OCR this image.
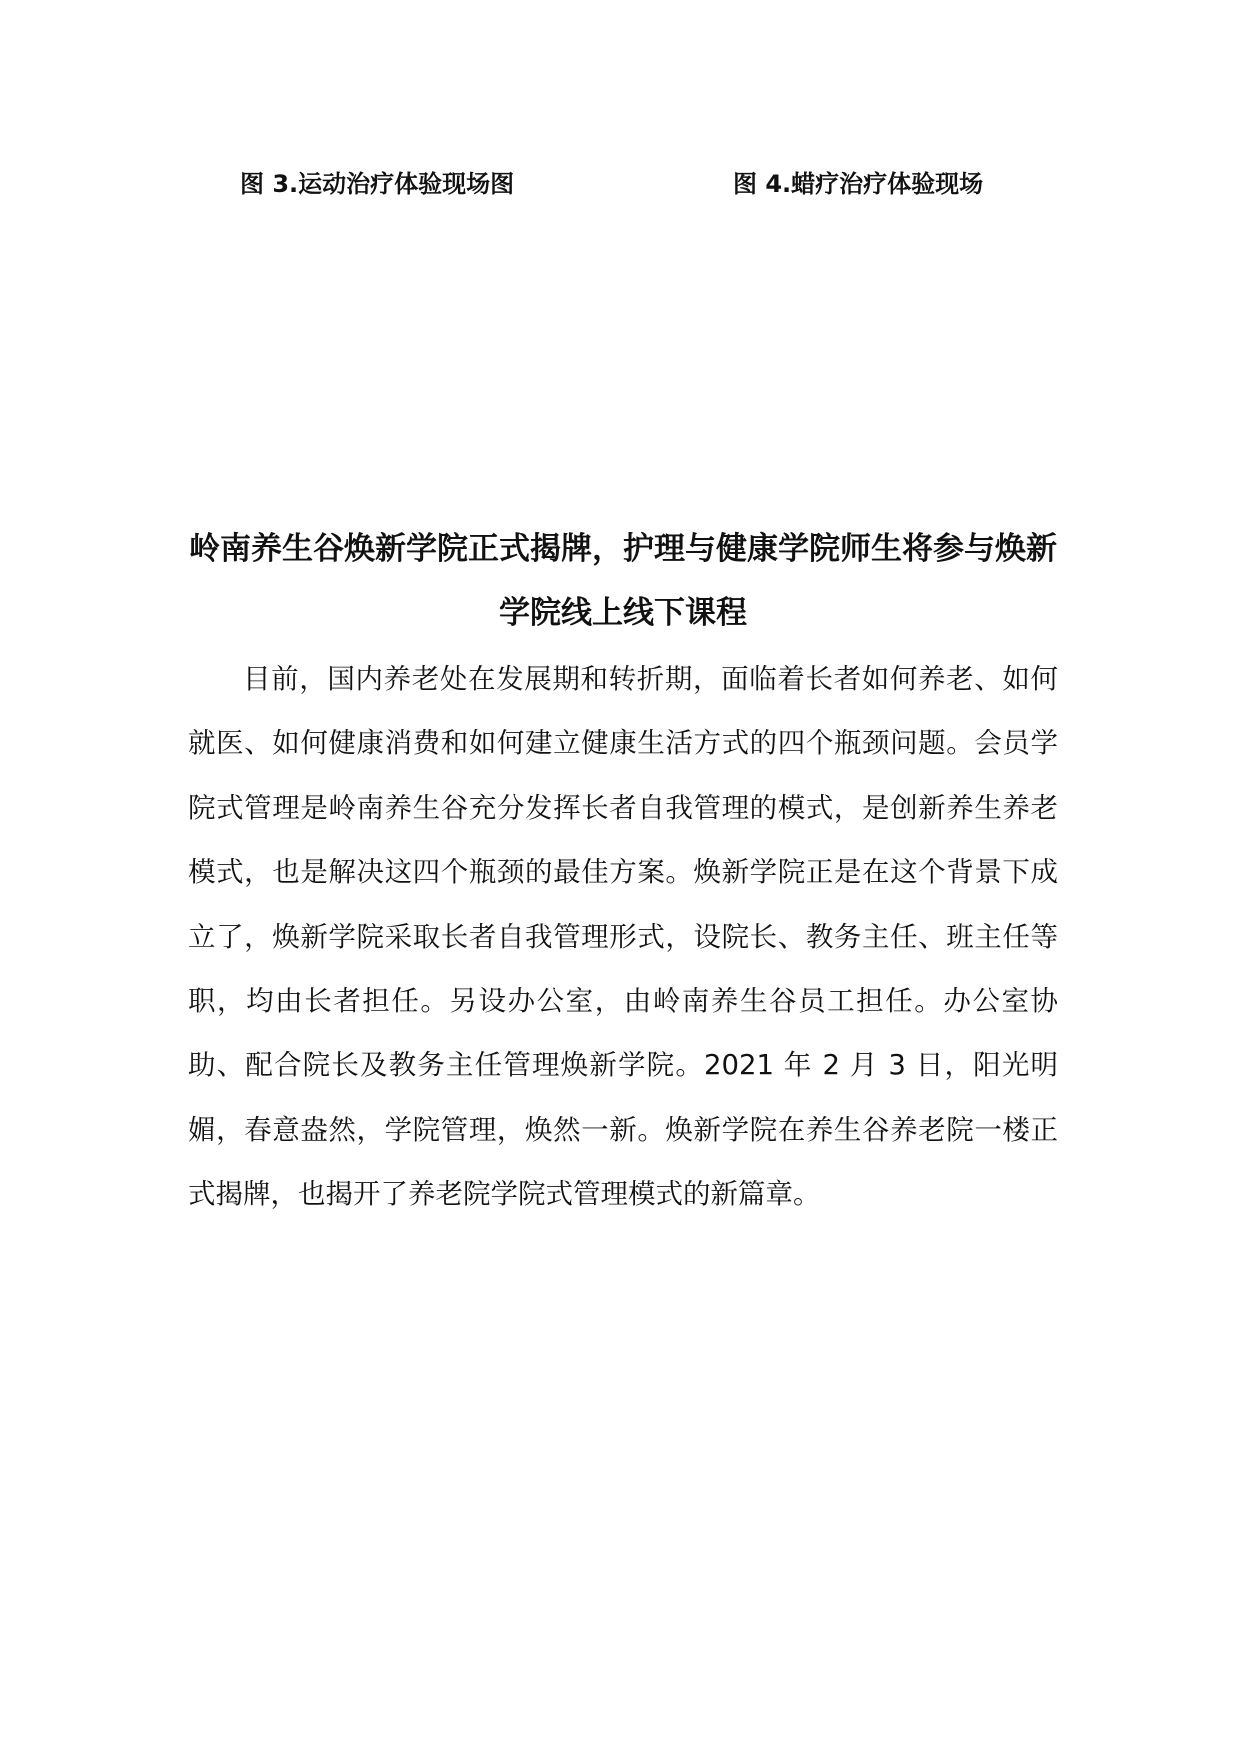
图 3.运动治疗体验现场图	图 4.蜡疗治疗体验现场

岭南养生谷焕新学院正式揭牌，护理与健康学院师生将参与焕新学院线上线下课程

目前，国内养老处在发展期和转折期，面临着长者如何养老、如何就医、如何健康消费和如何建立健康生活方式的四个瓶颈问题。会员学院式管理是岭南养生谷充分发挥长者自我管理的模式，是创新养生养老模式，也是解决这四个瓶颈的最佳方案。焕新学院正是在这个背景下成立了，焕新学院采取长者自我管理形式，设院长、教务主任、班主任等职，均由长者担任。另设办公室，由岭南养生谷员工担任。办公室协助、配合院长及教务主任管理焕新学院。2021 年 2 月 3 日，阳光明媚，春意盎然，学院管理，焕然一新。焕新学院在养生谷养老院一楼正式揭牌，也揭开了养老院学院式管理模式的新篇章。
